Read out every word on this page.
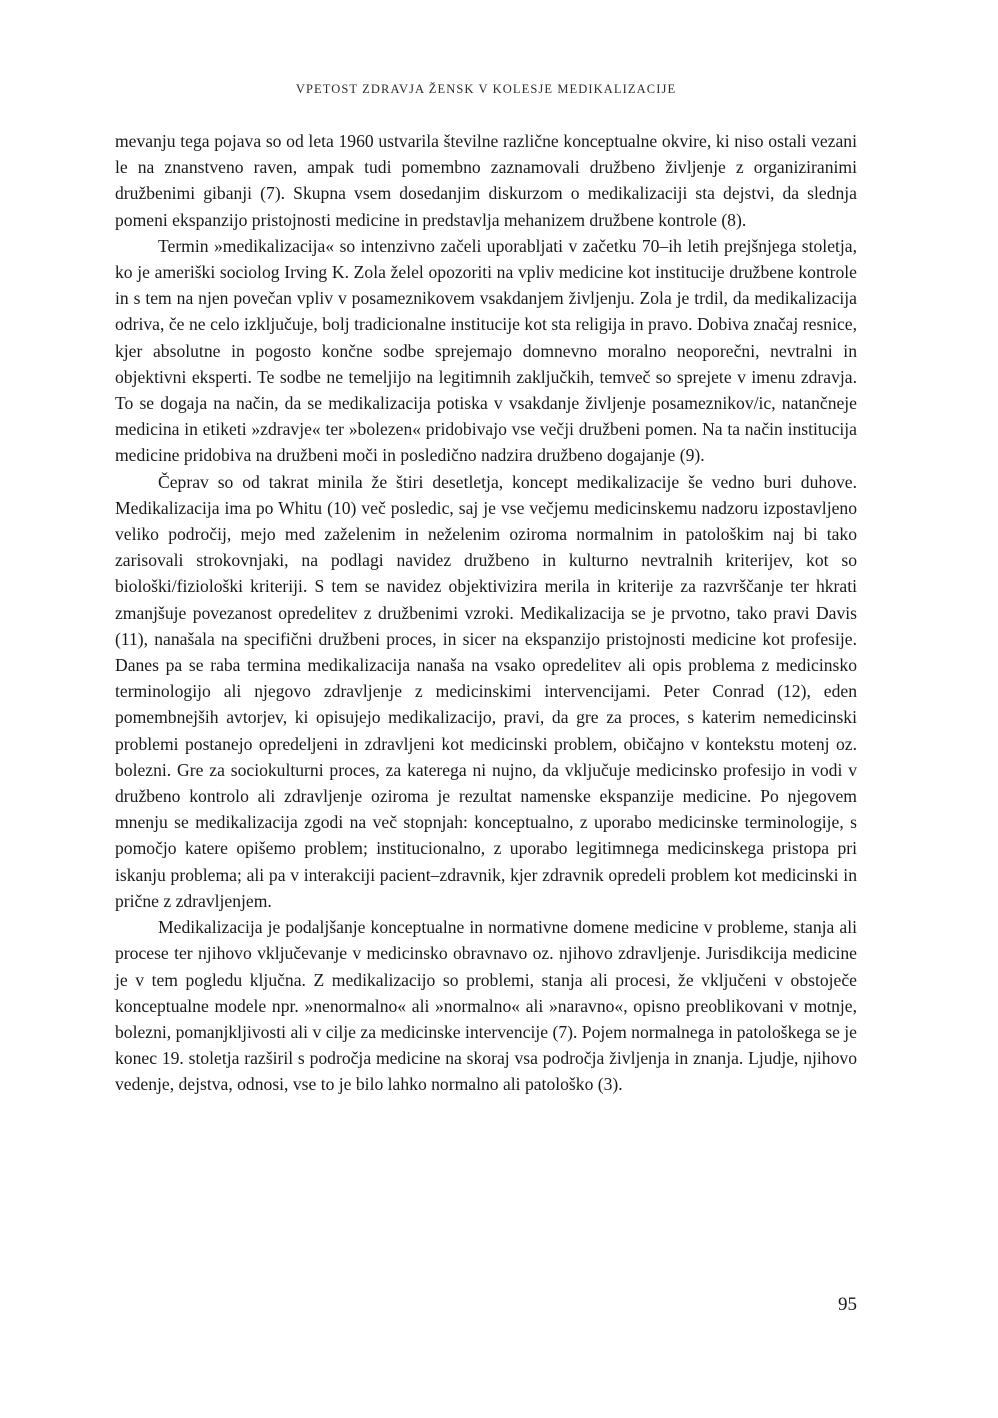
VPETOST ZDRAVJA ŽENSK V KOLESJE MEDIKALIZACIJE

mevanju tega pojava so od leta 1960 ustvarila številne različne konceptualne okvire, ki niso ostali vezani le na znanstveno raven, ampak tudi pomembno zaznamovali družbeno življenje z organiziranimi družbenimi gibanji (7). Skupna vsem dosedanjim diskurzom o medikalizaciji sta dejstvi, da slednja pomeni ekspanzijo pristojnosti medicine in predstavlja mehanizem družbene kontrole (8).

Termin »medikalizacija« so intenzivno začeli uporabljati v začetku 70–ih letih prejšnjega stoletja, ko je ameriški sociolog Irving K. Zola želel opozoriti na vpliv medicine kot institucije družbene kontrole in s tem na njen povečan vpliv v posameznikovem vsakdanjem življenju. Zola je trdil, da medikalizacija odriva, če ne celo izključuje, bolj tradicionalne institucije kot sta religija in pravo. Dobiva značaj resnice, kjer absolutne in pogosto končne sodbe sprejemajo domnevno moralno neoporečni, nevtralni in objektivni eksperti. Te sodbe ne temeljijo na legitimnih zaključkih, temveč so sprejete v imenu zdravja. To se dogaja na način, da se medikalizacija potiska v vsakdanje življenje posameznikov/ic, natančneje medicina in etiketi »zdravje« ter »bolezen« pridobivajo vse večji družbeni pomen. Na ta način institucija medicine pridobiva na družbeni moči in posledično nadzira družbeno dogajanje (9).

Čeprav so od takrat minila že štiri desetletja, koncept medikalizacije še vedno buri duhove. Medikalizacija ima po Whitu (10) več posledic, saj je vse večjemu medicinskemu nadzoru izpostavljeno veliko področij, mejo med zaželenim in neželenim oziroma normalnim in patološkim naj bi tako zarisovali strokovnjaki, na podlagi navidez družbeno in kulturno nevtralnih kriterijev, kot so biološki/fiziološki kriteriji. S tem se navidez objektivizira merila in kriterije za razvrščanje ter hkrati zmanjšuje povezanost opredelitev z družbenimi vzroki. Medikalizacija se je prvotno, tako pravi Davis (11), nanašala na specifični družbeni proces, in sicer na ekspanzijo pristojnosti medicine kot profesije. Danes pa se raba termina medikalizacija nanaša na vsako opredelitev ali opis problema z medicinsko terminologijo ali njegovo zdravljenje z medicinskimi intervencijami. Peter Conrad (12), eden pomembnejših avtorjev, ki opisujejo medikalizacijo, pravi, da gre za proces, s katerim nemedicinski problemi postanejo opredeljeni in zdravljeni kot medicinski problem, običajno v kontekstu motenj oz. bolezni. Gre za sociokulturni proces, za katerega ni nujno, da vključuje medicinsko profesijo in vodi v družbeno kontrolo ali zdravljenje oziroma je rezultat namenske ekspanzije medicine. Po njegovem mnenju se medikalizacija zgodi na več stopnjah: konceptualno, z uporabo medicinske terminologije, s pomočjo katere opišemo problem; institucionalno, z uporabo legitimnega medicinskega pristopa pri iskanju problema; ali pa v interakciji pacient–zdravnik, kjer zdravnik opredeli problem kot medicinski in prične z zdravljenjem.

Medikalizacija je podaljšanje konceptualne in normativne domene medicine v probleme, stanja ali procese ter njihovo vključevanje v medicinsko obravnavo oz. njihovo zdravljenje. Jurisdikcija medicine je v tem pogledu ključna. Z medikalizacijo so problemi, stanja ali procesi, že vključeni v obstoječe konceptualne modele npr. »nenormalno« ali »normalno« ali »naravno«, opisno preoblikovani v motnje, bolezni, pomanjkljivosti ali v cilje za medicinske intervencije (7). Pojem normalnega in patološkega se je konec 19. stoletja razširil s področja medicine na skoraj vsa področja življenja in znanja. Ljudje, njihovo vedenje, dejstva, odnosi, vse to je bilo lahko normalno ali patološko (3).

95
